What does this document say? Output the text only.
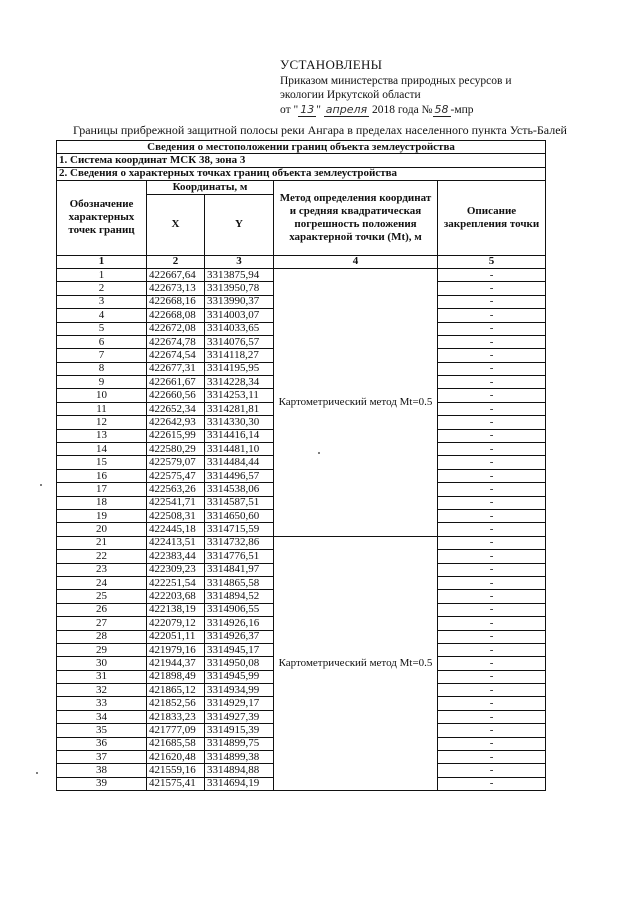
УСТАНОВЛЕНЫ
Приказом министерства природных ресурсов и
экологии Иркутской области
от " 13 " апреля 2018 года № 58 -мпр
Границы прибрежной защитной полосы реки Ангара в пределах населенного пункта Усть-Балей
Сведения о местоположении границ объекта землеустройства				
1. Система координат МСК 38, зона 3				
2. Сведения о характерных точках границ объекта землеустройства				
Обозначение характерных точек границ	Координаты, м		Метод определения координат и средняя квадратическая погрешность положения характерной точки (Mt), м	Описание закрепления точки
	X	Y		
1	2	3	4	5
1	422667,64	3313875,94	Картометрический метод Mt=0.5	-
2	422673,13	3313950,78		-
3	422668,16	3313990,37		-
4	422668,08	3314003,07		-
5	422672,08	3314033,65		-
6	422674,78	3314076,57		-
7	422674,54	3314118,27		-
8	422677,31	3314195,95		-
9	422661,67	3314228,34		-
10	422660,56	3314253,11		-
11	422652,34	3314281,81		-
12	422642,93	3314330,30		-
13	422615,99	3314416,14		-
14	422580,29	3314481,10		-
15	422579,07	3314484,44		-
16	422575,47	3314496,57		-
17	422563,26	3314538,06		-
18	422541,71	3314587,51		-
19	422508,31	3314650,60		-
20	422445,18	3314715,59		-
21	422413,51	3314732,86	Картометрический метод Mt=0.5	-
22	422383,44	3314776,51		-
23	422309,23	3314841,97		-
24	422251,54	3314865,58		-
25	422203,68	3314894,52		-
26	422138,19	3314906,55		-
27	422079,12	3314926,16		-
28	422051,11	3314926,37		-
29	421979,16	3314945,17		-
30	421944,37	3314950,08		-
31	421898,49	3314945,99		-
32	421865,12	3314934,99		-
33	421852,56	3314929,17		-
34	421833,23	3314927,39		-
35	421777,09	3314915,39		-
36	421685,58	3314899,75		-
37	421620,48	3314899,38		-
38	421559,16	3314894,88		-
39	421575,41	3314694,19		-
